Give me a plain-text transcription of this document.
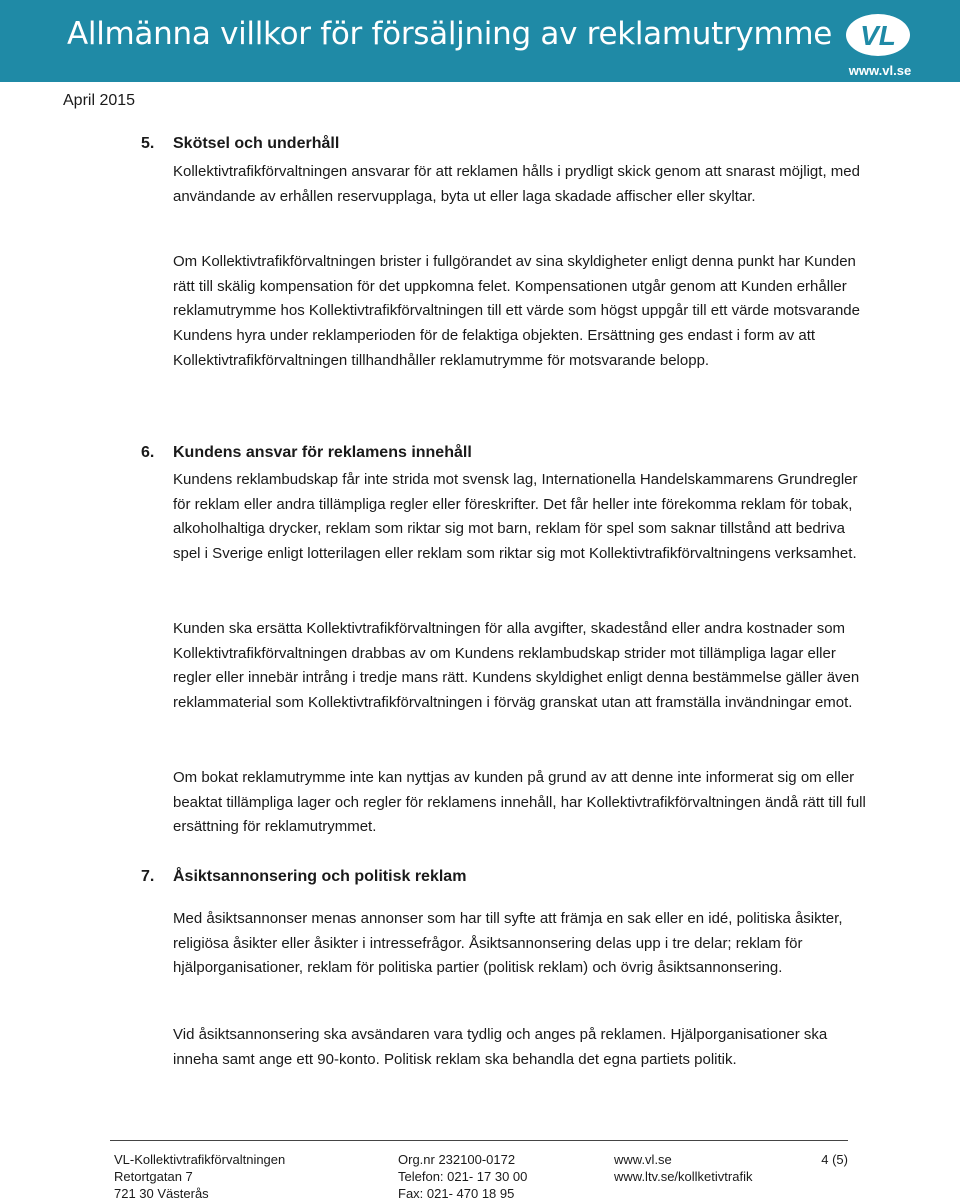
Allmänna villkor för försäljning av reklamutrymme VL
www.vl.se
April 2015
5. Skötsel och underhåll
Kollektivtrafikförvaltningen ansvarar för att reklamen hålls i prydligt skick genom att snarast möjligt, med användande av erhållen reservupplaga, byta ut eller laga skadade affischer eller skyltar.
Om Kollektivtrafikförvaltningen brister i fullgörandet av sina skyldigheter enligt denna punkt har Kunden rätt till skälig kompensation för det uppkomna felet. Kompensationen utgår genom att Kunden erhåller reklamutrymme hos Kollektivtrafikförvaltningen till ett värde som högst uppgår till ett värde motsvarande Kundens hyra under reklamperioden för de felaktiga objekten. Ersättning ges endast i form av att Kollektivtrafikförvaltningen tillhandhåller reklamutrymme för motsvarande belopp.
6. Kundens ansvar för reklamens innehåll
Kundens reklambudskap får inte strida mot svensk lag, Internationella Handelskammarens Grundregler för reklam eller andra tillämpliga regler eller föreskrifter. Det får heller inte förekomma reklam för tobak, alkoholhaltiga drycker, reklam som riktar sig mot barn, reklam för spel som saknar tillstånd att bedriva spel i Sverige enligt lotterilagen eller reklam som riktar sig mot Kollektivtrafikförvaltningens verksamhet.
Kunden ska ersätta Kollektivtrafikförvaltningen för alla avgifter, skadestånd eller andra kostnader som Kollektivtrafikförvaltningen drabbas av om Kundens reklambudskap strider mot tillämpliga lagar eller regler eller innebär intrång i tredje mans rätt. Kundens skyldighet enligt denna bestämmelse gäller även reklammaterial som Kollektivtrafikförvaltningen i förväg granskat utan att framställa invändningar emot.
Om bokat reklamutrymme inte kan nyttjas av kunden på grund av att denne inte informerat sig om eller beaktat tillämpliga lager och regler för reklamens innehåll, har Kollektivtrafikförvaltningen ändå rätt till full ersättning för reklamutrymmet.
7. Åsiktsannonsering och politisk reklam
Med åsiktsannonser menas annonser som har till syfte att främja en sak eller en idé, politiska åsikter, religiösa åsikter eller åsikter i intressefrågor. Åsiktsannonsering delas upp i tre delar; reklam för hjälporganisationer, reklam för politiska partier (politisk reklam) och övrig åsiktsannonsering.
Vid åsiktsannonsering ska avsändaren vara tydlig och anges på reklamen. Hjälporganisationer ska inneha samt ange ett 90-konto. Politisk reklam ska behandla det egna partiets politik.
VL-Kollektivtrafikförvaltningen
Retortgatan 7
721 30 Västerås
Org.nr 232100-0172
Telefon: 021- 17 30 00
Fax: 021- 470 18 95
www.vl.se
www.ltv.se/kollketivtrafik
4 (5)
